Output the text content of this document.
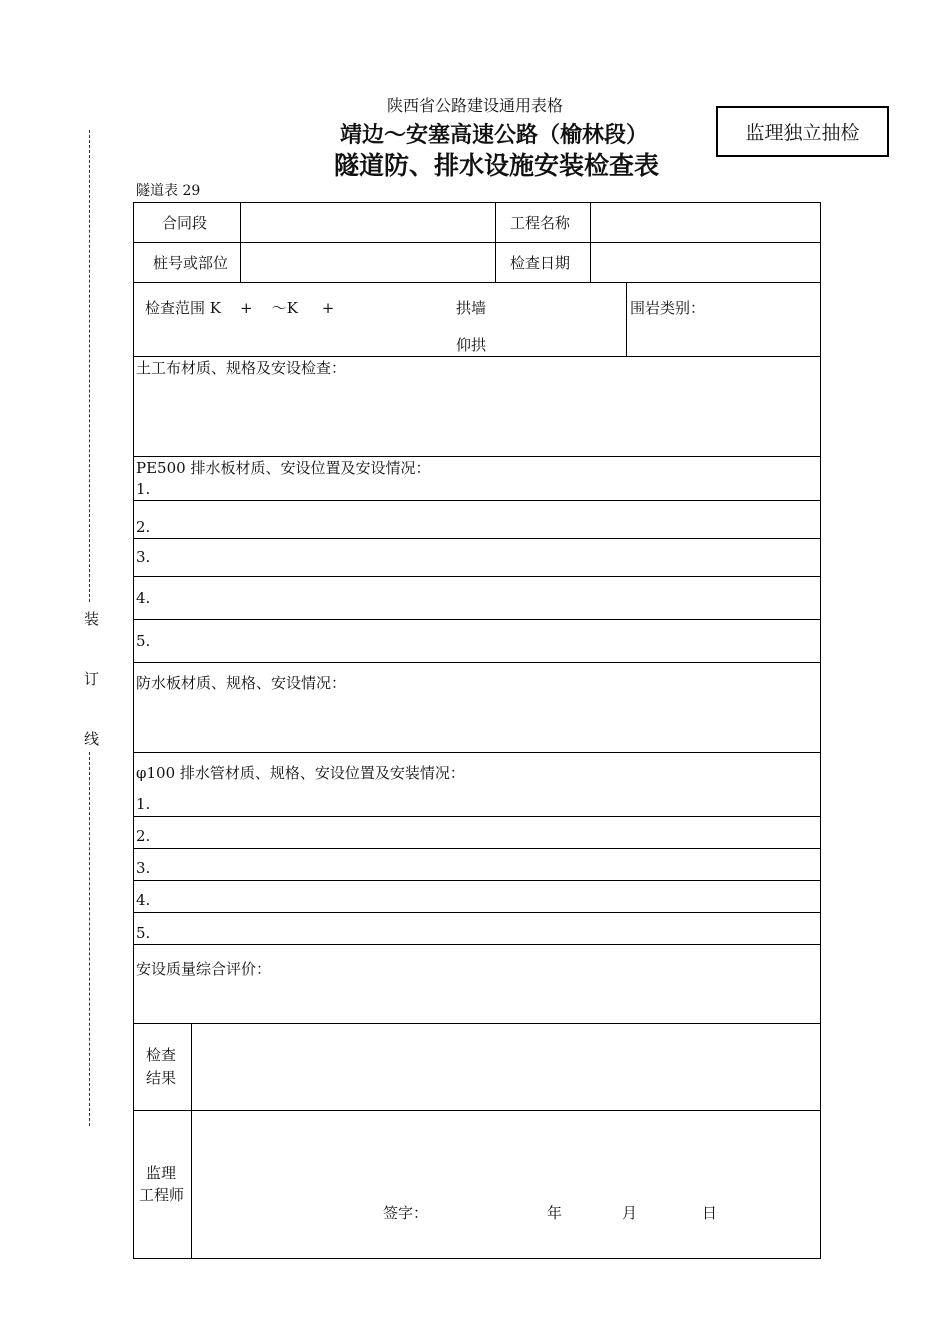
装
订
线
陕西省公路建设通用表格
靖边～安塞高速公路（榆林段）
隧道防、排水设施安装检查表
监理独立抽检
隧道表 29
合同段	工程名称
桩号或部位	检查日期
检查范围 K    +    ～K     +	拱墙
仰拱
围岩类别：
土工布材质、规格及安设检查：
PE500 排水板材质、安设位置及安设情况：
1.
2.
3.
4.
5.
防水板材质、规格、安设情况：
φ100 排水管材质、规格、安设位置及安装情况：
1.
2.
3.
4.
5.
安设质量综合评价：
检查
结果
监理
工程师
签字：	年	月	日
